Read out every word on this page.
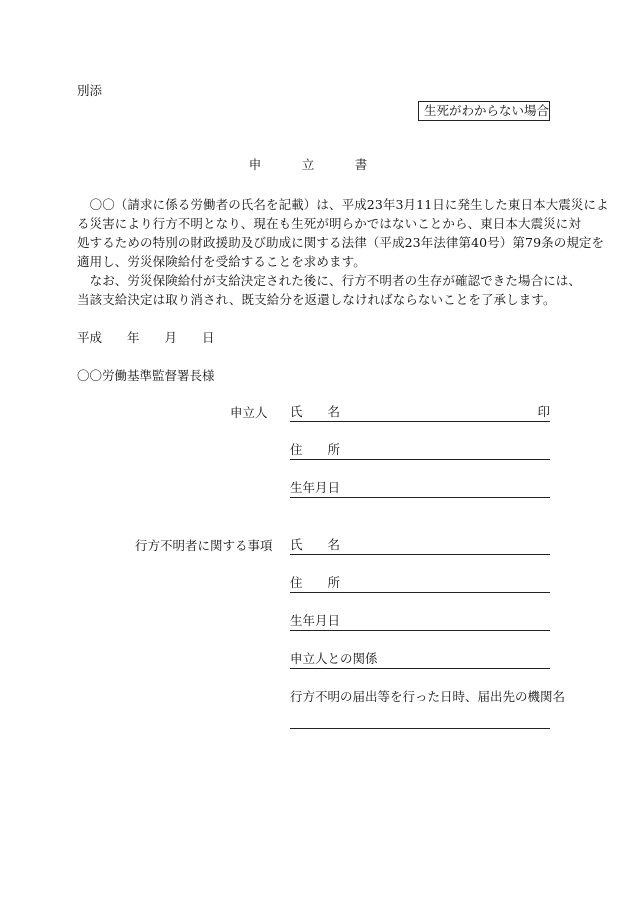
別添
生死がわからない場合
申　立　書
　〇〇（請求に係る労働者の氏名を記載）は、平成23年3月11日に発生した東日本大震災によ
る災害により行方不明となり、現在も生死が明らかではないことから、東日本大震災に対
処するための特別の財政援助及び助成に関する法律（平成23年法律第40号）第79条の規定を
適用し、労災保険給付を受給することを求めます。
　なお、労災保険給付が支給決定された後に、行方不明者の生存が確認できた場合には、
当該支給決定は取り消され、既支給分を返還しなければならないことを了承します。
平成　　年　　月　　日
〇〇労働基準監督署長様
申立人 氏　　名	印
住　　所
生年月日
行方不明者に関する事項 氏　　名
住　　所
生年月日
申立人との関係
行方不明の届出等を行った日時、届出先の機関名
